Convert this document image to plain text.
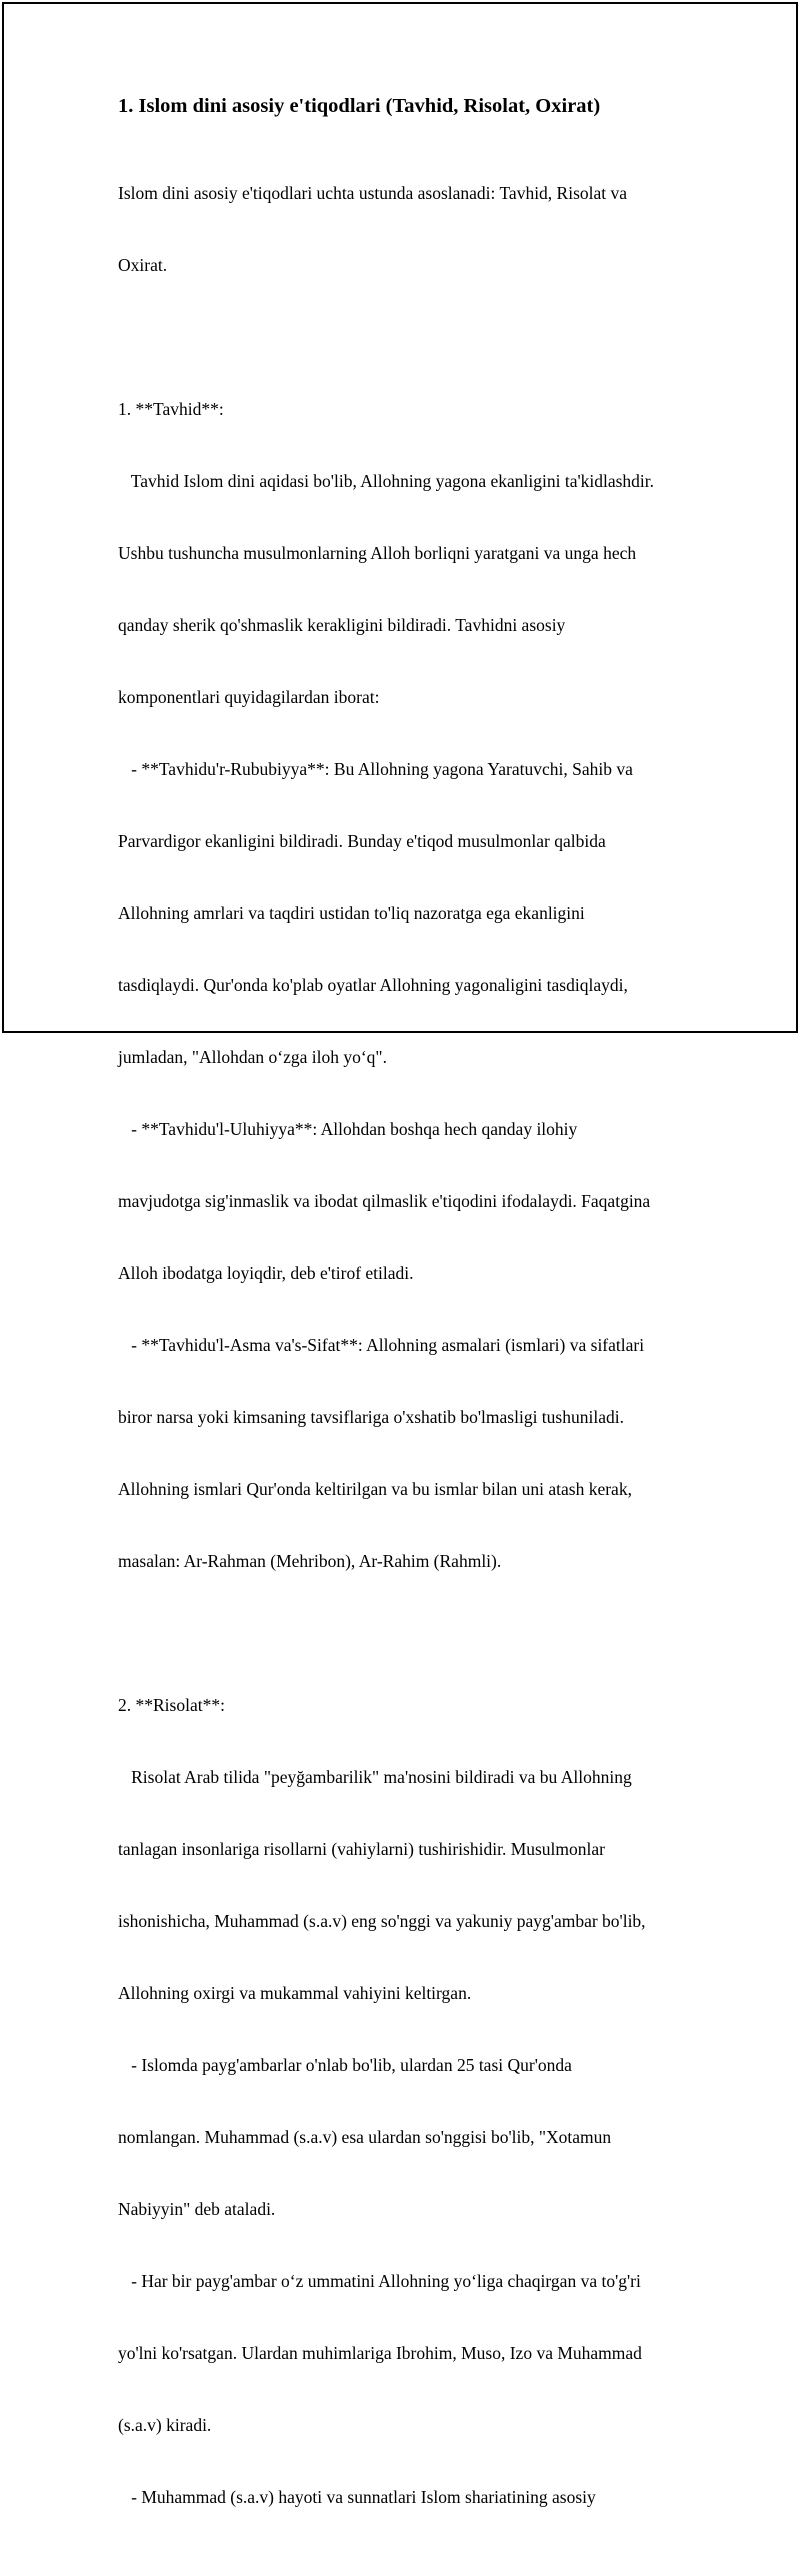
1. Islom dini asosiy e'tiqodlari (Tavhid, Risolat, Oxirat)

Islom dini asosiy e'tiqodlari uchta ustunda asoslanadi: Tavhid, Risolat va

Oxirat.

1. **Tavhid**:

Tavhid Islom dini aqidasi bo'lib, Allohning yagona ekanligini ta'kidlashdir.

Ushbu tushuncha musulmonlarning Alloh borliqni yaratgani va unga hech

qanday sherik qo'shmaslik kerakligini bildiradi. Tavhidni asosiy

komponentlari quyidagilardan iborat:

- **Tavhidu'r-Rububiyya**: Bu Allohning yagona Yaratuvchi, Sahib va

Parvardigor ekanligini bildiradi. Bunday e'tiqod musulmonlar qalbida

Allohning amrlari va taqdiri ustidan to'liq nazoratga ega ekanligini

tasdiqlaydi. Qur'onda ko'plab oyatlar Allohning yagonaligini tasdiqlaydi,

jumladan, "Allohdan o‘zga iloh yo‘q".

- **Tavhidu'l-Uluhiyya**: Allohdan boshqa hech qanday ilohiy

mavjudotga sig'inmaslik va ibodat qilmaslik e'tiqodini ifodalaydi. Faqatgina

Alloh ibodatga loyiqdir, deb e'tirof etiladi.

- **Tavhidu'l-Asma va's-Sifat**: Allohning asmalari (ismlari) va sifatlari

biror narsa yoki kimsaning tavsiflariga o'xshatib bo'lmasligi tushuniladi.

Allohning ismlari Qur'onda keltirilgan va bu ismlar bilan uni atash kerak,

masalan: Ar-Rahman (Mehribon), Ar-Rahim (Rahmli).

2. **Risolat**:

Risolat Arab tilida "peyğambarilik" ma'nosini bildiradi va bu Allohning

tanlagan insonlariga risollarni (vahiylarni) tushirishidir. Musulmonlar

ishonishicha, Muhammad (s.a.v) eng so'nggi va yakuniy payg'ambar bo'lib,

Allohning oxirgi va mukammal vahiyini keltirgan.

- Islomda payg'ambarlar o'nlab bo'lib, ulardan 25 tasi Qur'onda

nomlangan. Muhammad (s.a.v) esa ulardan so'nggisi bo'lib, "Xotamun

Nabiyyin" deb ataladi.

- Har bir payg'ambar o‘z ummatini Allohning yo‘liga chaqirgan va to'g'ri

yo'lni ko'rsatgan. Ulardan muhimlariga Ibrohim, Muso, Izo va Muhammad

(s.a.v) kiradi.

- Muhammad (s.a.v) hayoti va sunnatlari Islom shariatining asosiy
